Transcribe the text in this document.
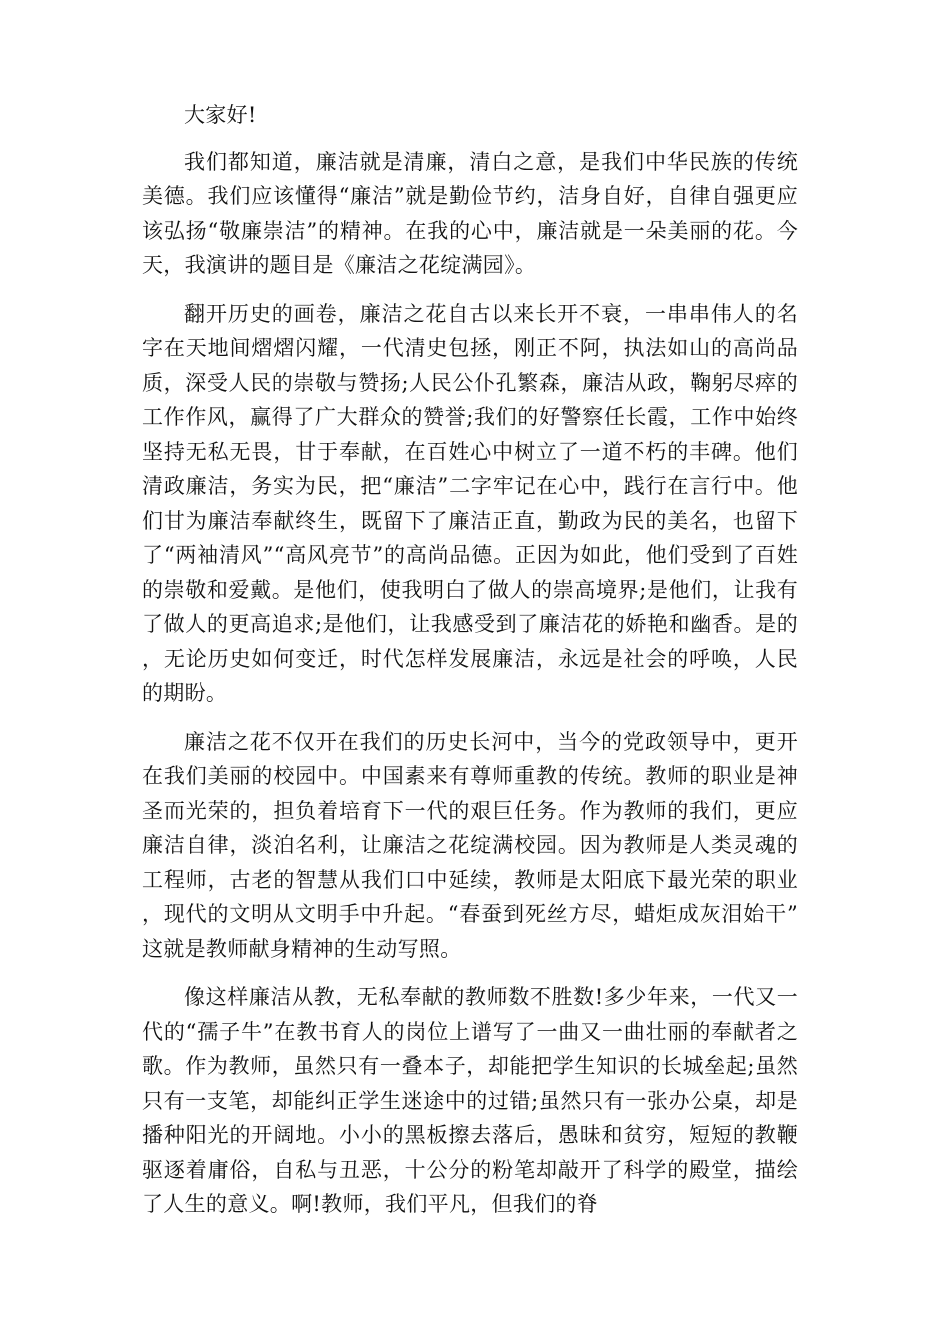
大家好!

我们都知道，廉洁就是清廉，清白之意，是我们中华民族的传统美德。我们应该懂得“廉洁”就是勤俭节约，洁身自好，自律自强更应该弘扬“敬廉崇洁”的精神。在我的心中，廉洁就是一朵美丽的花。今天，我演讲的题目是《廉洁之花绽满园》。

翻开历史的画卷，廉洁之花自古以来长开不衰，一串串伟人的名字在天地间熠熠闪耀，一代清史包拯，刚正不阿，执法如山的高尚品质，深受人民的崇敬与赞扬;人民公仆孔繁森，廉洁从政，鞠躬尽瘁的工作作风，赢得了广大群众的赞誉;我们的好警察任长霞，工作中始终坚持无私无畏，甘于奉献，在百姓心中树立了一道不朽的丰碑。他们清政廉洁，务实为民，把“廉洁”二字牢记在心中，践行在言行中。他们甘为廉洁奉献终生，既留下了廉洁正直，勤政为民的美名，也留下了“两袖清风”“高风亮节”的高尚品德。正因为如此，他们受到了百姓的崇敬和爱戴。是他们，使我明白了做人的崇高境界;是他们，让我有了做人的更高追求;是他们，让我感受到了廉洁花的娇艳和幽香。是的，无论历史如何变迁，时代怎样发展廉洁，永远是社会的呼唤，人民的期盼。

廉洁之花不仅开在我们的历史长河中，当今的党政领导中，更开在我们美丽的校园中。中国素来有尊师重教的传统。教师的职业是神圣而光荣的，担负着培育下一代的艰巨任务。作为教师的我们，更应廉洁自律，淡泊名利，让廉洁之花绽满校园。因为教师是人类灵魂的工程师，古老的智慧从我们口中延续，教师是太阳底下最光荣的职业，现代的文明从文明手中升起。“春蚕到死丝方尽，蜡炬成灰泪始干”这就是教师献身精神的生动写照。

像这样廉洁从教，无私奉献的教师数不胜数!多少年来，一代又一代的“孺子牛”在教书育人的岗位上谱写了一曲又一曲壮丽的奉献者之歌。作为教师，虽然只有一叠本子，却能把学生知识的长城垒起;虽然只有一支笔，却能纠正学生迷途中的过错;虽然只有一张办公桌，却是播种阳光的开阔地。小小的黑板擦去落后，愚昧和贫穷，短短的教鞭驱逐着庸俗，自私与丑恶，十公分的粉笔却敲开了科学的殿堂，描绘了人生的意义。啊!教师，我们平凡，但我们的脊
